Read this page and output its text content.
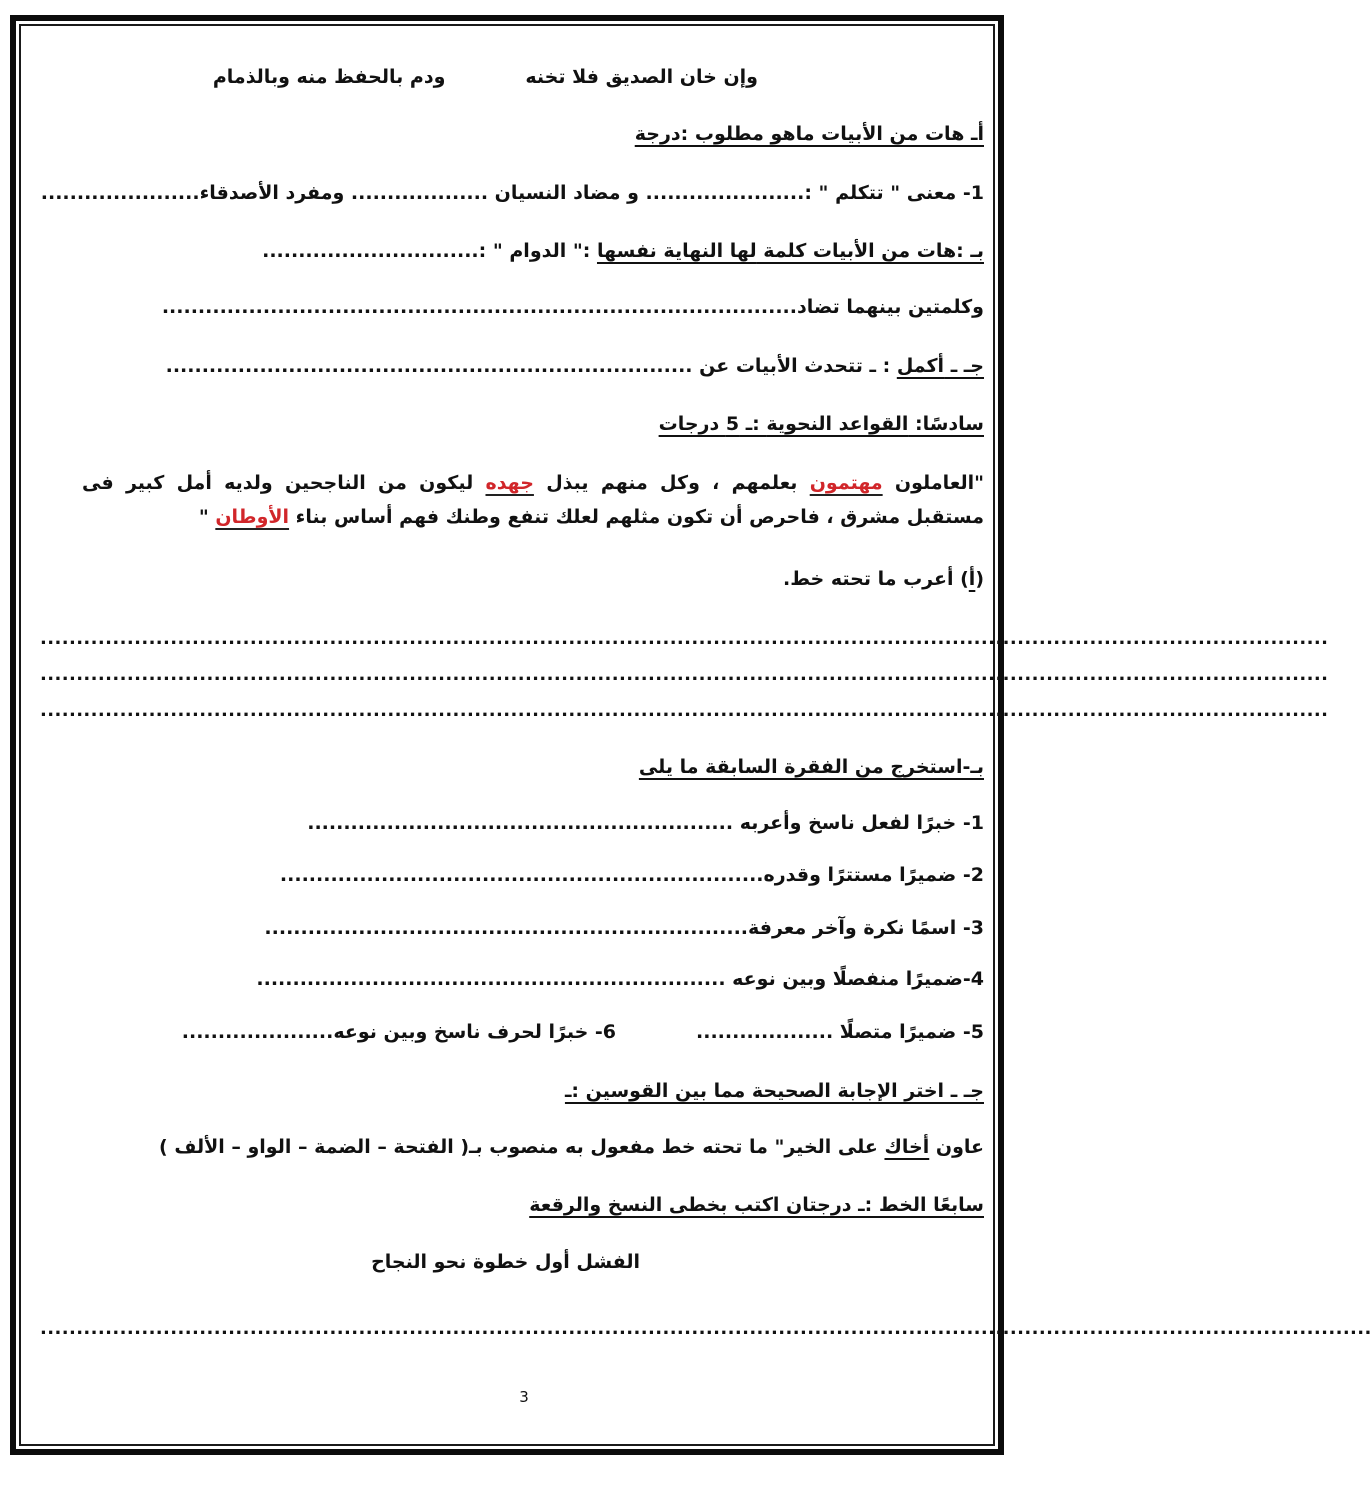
وإن خان الصديق فلا تخنهودم بالحفظ منه وبالذمام
أـ هات من الأبيات ماهو مطلوب :درجة
1- معنى " تتكلم " :...................... و مضاد النسيان ................... ومفرد الأصدقاء......................
بـ :هات من الأبيات كلمة لها النهاية نفسها :" الدوام " :..............................
وكلمتين بينهما تضاد........................................................................................
جـ ـ أكمل : ـ تتحدث الأبيات عن .........................................................................
سادسًا: القواعد النحوية :ـ 5 درجات
"العاملون مهتمون بعلمهم ، وكل منهم يبذل جهده ليكون من الناجحين ولديه أمل كبير فى مستقبل مشرق ، فاحرص أن تكون مثلهم لعلك تنفع وطنك فهم أساس بناء الأوطان "
(أ) أعرب ما تحته خط.
..................................................................................................................................................................................
..................................................................................................................................................................................
..................................................................................................................................................................................
بـ-استخرج من الفقرة السابقة ما يلى
1- خبرًا لفعل ناسخ وأعربه ...........................................................
2- ضميرًا مستترًا وقدره...................................................................
3- اسمًا نكرة وآخر معرفة...................................................................
4-ضميرًا منفصلًا وبين نوعه .................................................................
5- ضميرًا متصلًا ...................6- خبرًا لحرف ناسخ وبين نوعه.....................
جـ ـ اختر الإجابة الصحيحة مما بين القوسين :ـ
عاون أخاك على الخير" ما تحته خط مفعول به منصوب بـ( الفتحة – الضمة – الواو – الألف )
سابعًا الخط :ـ درجتان اكتب بخطى النسخ والرقعة
الفشل أول خطوة نحو النجاح
........................................................................................................................................................................................
3
